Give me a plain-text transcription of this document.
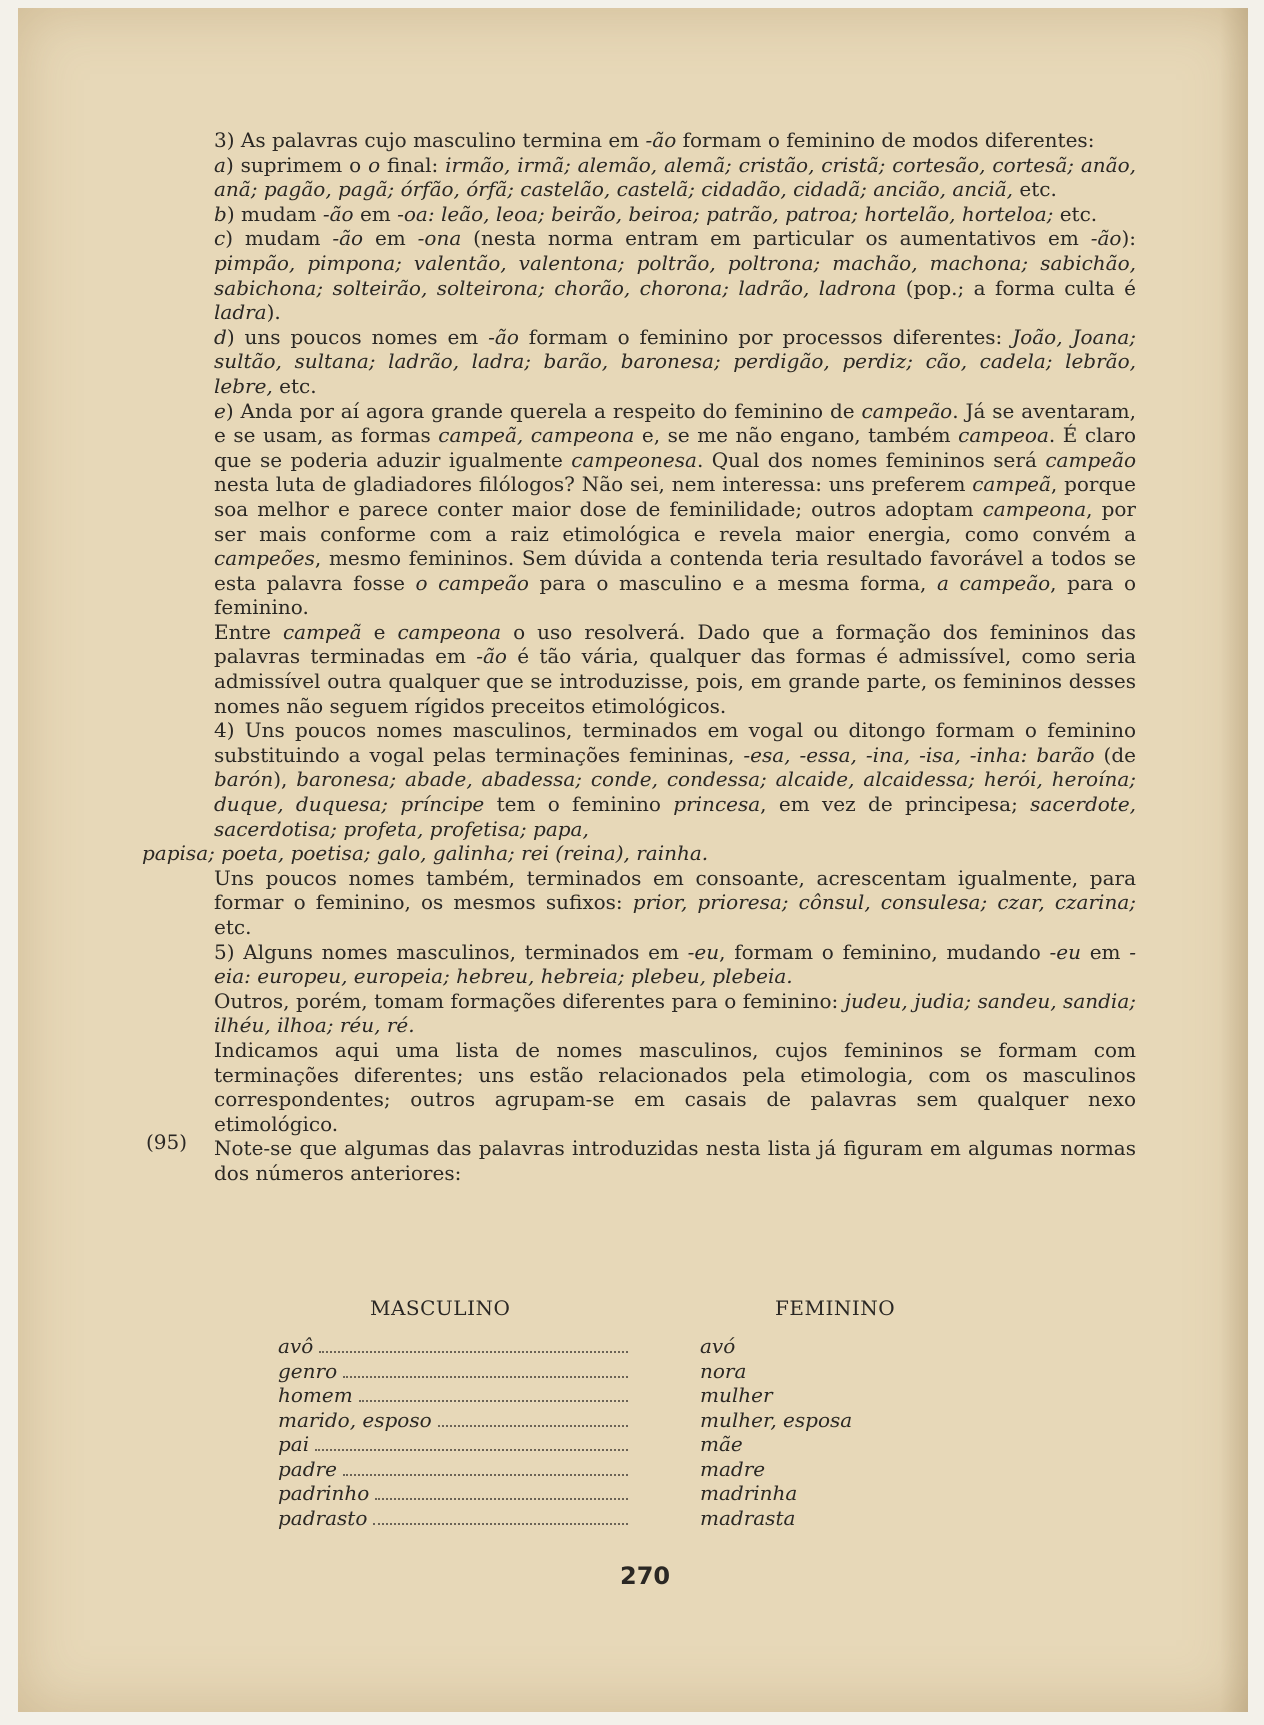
3) As palavras cujo masculino termina em -ão formam o feminino de modos diferentes:

a) suprimem o o final: irmão, irmã; alemão, alemã; cristão, cristã; cortesão, cortesã; anão, anã; pagão, pagã; órfão, órfã; castelão, castelã; cidadão, cidadã; ancião, anciã, etc.

b) mudam -ão em -oa: leão, leoa; beirão, beiroa; patrão, patroa; hortelão, horteloa; etc.

c) mudam -ão em -ona (nesta norma entram em particular os aumentativos em -ão): pimpão, pimpona; valentão, valentona; poltrão, poltrona; machão, machona; sabichão, sabichona; solteirão, solteirona; chorão, chorona; ladrão, ladrona (pop.; a forma culta é ladra).

d) uns poucos nomes em -ão formam o feminino por processos diferentes: João, Joana; sultão, sultana; ladrão, ladra; barão, baronesa; perdigão, perdiz; cão, cadela; lebrão, lebre, etc.

e) Anda por aí agora grande querela a respeito do feminino de campeão. Já se aventaram, e se usam, as formas campeã, campeona e, se me não engano, também campeoa. É claro que se poderia aduzir igualmente campeonesa. Qual dos nomes femininos será campeão nesta luta de gladiadores filólogos? Não sei, nem interessa: uns preferem campeã, porque soa melhor e parece conter maior dose de feminilidade; outros adoptam campeona, por ser mais conforme com a raiz etimológica e revela maior energia, como convém a campeões, mesmo femininos. Sem dúvida a contenda teria resultado favorável a todos se esta palavra fosse o campeão para o masculino e a mesma forma, a campeão, para o feminino.

Entre campeã e campeona o uso resolverá. Dado que a formação dos femininos das palavras terminadas em -ão é tão vária, qualquer das formas é admissível, como seria admissível outra qualquer que se introduzisse, pois, em grande parte, os femininos desses nomes não seguem rígidos preceitos etimológicos.

4) Uns poucos nomes masculinos, terminados em vogal ou ditongo formam o feminino substituindo a vogal pelas terminações femininas, -esa, -essa, -ina, -isa, -inha: barão (de barón), baronesa; abade, abadessa; conde, condessa; alcaide, alcaidessa; herói, heroína; duque, duquesa; príncipe tem o feminino princesa, em vez de principesa; sacerdote, sacerdotisa; profeta, profetisa; papa,

papisa; poeta, poetisa; galo, galinha; rei (reina), rainha.

Uns poucos nomes também, terminados em consoante, acrescentam igualmente, para formar o feminino, os mesmos sufixos: prior, prioresa; cônsul, consulesa; czar, czarina; etc.

5) Alguns nomes masculinos, terminados em -eu, formam o feminino, mudando -eu em -eia: europeu, europeia; hebreu, hebreia; plebeu, plebeia.

Outros, porém, tomam formações diferentes para o feminino: judeu, judia; sandeu, sandia; ilhéu, ilhoa; réu, ré.

Indicamos aqui uma lista de nomes masculinos, cujos femininos se formam com terminações diferentes; uns estão relacionados pela etimologia, com os masculinos correspondentes; outros agrupam-se em casais de palavras sem qualquer nexo etimológico.

Note-se que algumas das palavras introduzidas nesta lista já figuram em algumas normas dos números anteriores:

(95)
MASCULINO	FEMININO
avô	avó
genro	nora
homem	mulher
marido, esposo	mulher, esposa
pai	mãe
padre	madre
padrinho	madrinha
padrasto	madrasta
270
